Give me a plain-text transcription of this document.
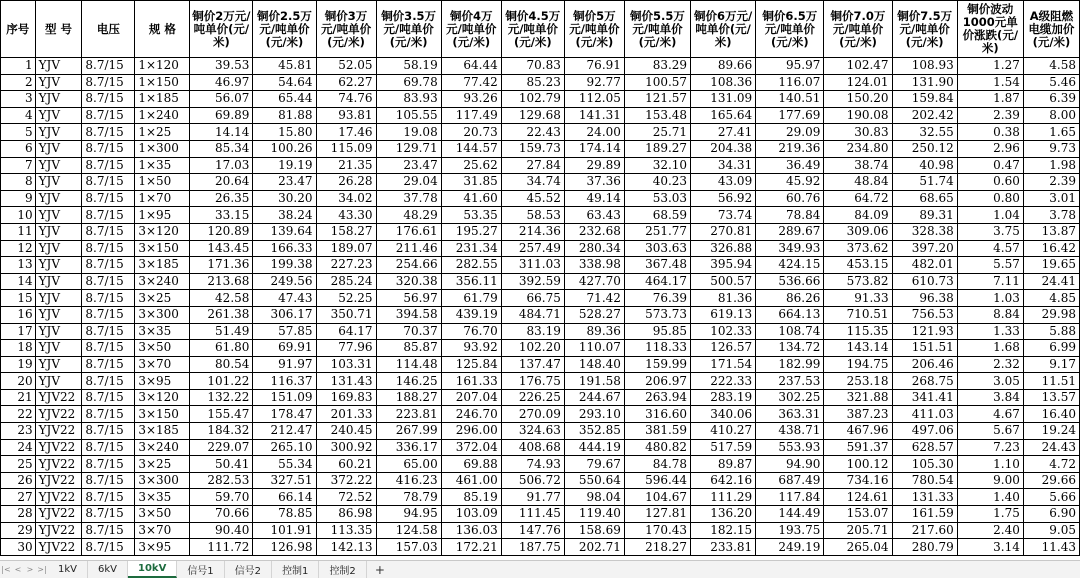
序号	型 号	电压	规 格	铜价2万元/吨单价(元/米)	铜价2.5万元/吨单价(元/米)	铜价3万元/吨单价(元/米)	铜价3.5万元/吨单价(元/米)	铜价4万元/吨单价(元/米)	铜价4.5万元/吨单价(元/米)	铜价5万元/吨单价(元/米)	铜价5.5万元/吨单价(元/米)	铜价6万元/吨单价(元/米)	铜价6.5万元/吨单价(元/米)	铜价7.0万元/吨单价(元/米)	铜价7.5万元/吨单价(元/米)	铜价波动1000元单价涨跌(元/米)	A级阻燃电缆加价(元/米)
1	YJV	8.7/15	1×120	39.53	45.81	52.05	58.19	64.44	70.83	76.91	83.29	89.66	95.97	102.47	108.93	1.27	4.58
2	YJV	8.7/15	1×150	46.97	54.64	62.27	69.78	77.42	85.23	92.77	100.57	108.36	116.07	124.01	131.90	1.54	5.46
3	YJV	8.7/15	1×185	56.07	65.44	74.76	83.93	93.26	102.79	112.05	121.57	131.09	140.51	150.20	159.84	1.87	6.39
4	YJV	8.7/15	1×240	69.89	81.88	93.81	105.55	117.49	129.68	141.31	153.48	165.64	177.69	190.08	202.42	2.39	8.00
5	YJV	8.7/15	1×25	14.14	15.80	17.46	19.08	20.73	22.43	24.00	25.71	27.41	29.09	30.83	32.55	0.38	1.65
6	YJV	8.7/15	1×300	85.34	100.26	115.09	129.71	144.57	159.73	174.14	189.27	204.38	219.36	234.80	250.12	2.96	9.73
7	YJV	8.7/15	1×35	17.03	19.19	21.35	23.47	25.62	27.84	29.89	32.10	34.31	36.49	38.74	40.98	0.47	1.98
8	YJV	8.7/15	1×50	20.64	23.47	26.28	29.04	31.85	34.74	37.36	40.23	43.09	45.92	48.84	51.74	0.60	2.39
9	YJV	8.7/15	1×70	26.35	30.20	34.02	37.78	41.60	45.52	49.14	53.03	56.92	60.76	64.72	68.65	0.80	3.01
10	YJV	8.7/15	1×95	33.15	38.24	43.30	48.29	53.35	58.53	63.43	68.59	73.74	78.84	84.09	89.31	1.04	3.78
11	YJV	8.7/15	3×120	120.89	139.64	158.27	176.61	195.27	214.36	232.68	251.77	270.81	289.67	309.06	328.38	3.75	13.87
12	YJV	8.7/15	3×150	143.45	166.33	189.07	211.46	231.34	257.49	280.34	303.63	326.88	349.93	373.62	397.20	4.57	16.42
13	YJV	8.7/15	3×185	171.36	199.38	227.23	254.66	282.55	311.03	338.98	367.48	395.94	424.15	453.15	482.01	5.57	19.65
14	YJV	8.7/15	3×240	213.68	249.56	285.24	320.38	356.11	392.59	427.70	464.17	500.57	536.66	573.82	610.73	7.11	24.41
15	YJV	8.7/15	3×25	42.58	47.43	52.25	56.97	61.79	66.75	71.42	76.39	81.36	86.26	91.33	96.38	1.03	4.85
16	YJV	8.7/15	3×300	261.38	306.17	350.71	394.58	439.19	484.71	528.27	573.73	619.13	664.13	710.51	756.53	8.84	29.98
17	YJV	8.7/15	3×35	51.49	57.85	64.17	70.37	76.70	83.19	89.36	95.85	102.33	108.74	115.35	121.93	1.33	5.88
18	YJV	8.7/15	3×50	61.80	69.91	77.96	85.87	93.92	102.20	110.07	118.33	126.57	134.72	143.14	151.51	1.68	6.99
19	YJV	8.7/15	3×70	80.54	91.97	103.31	114.48	125.84	137.47	148.40	159.99	171.54	182.99	194.75	206.46	2.32	9.17
20	YJV	8.7/15	3×95	101.22	116.37	131.43	146.25	161.33	176.75	191.58	206.97	222.33	237.53	253.18	268.75	3.05	11.51
21	YJV22	8.7/15	3×120	132.22	151.09	169.83	188.27	207.04	226.25	244.67	263.94	283.19	302.25	321.88	341.41	3.84	13.57
22	YJV22	8.7/15	3×150	155.47	178.47	201.33	223.81	246.70	270.09	293.10	316.60	340.06	363.31	387.23	411.03	4.67	16.40
23	YJV22	8.7/15	3×185	184.32	212.47	240.45	267.99	296.00	324.63	352.85	381.59	410.27	438.71	467.96	497.06	5.67	19.24
24	YJV22	8.7/15	3×240	229.07	265.10	300.92	336.17	372.04	408.68	444.19	480.82	517.59	553.93	591.37	628.57	7.23	24.43
25	YJV22	8.7/15	3×25	50.41	55.34	60.21	65.00	69.88	74.93	79.67	84.78	89.87	94.90	100.12	105.30	1.10	4.72
26	YJV22	8.7/15	3×300	282.53	327.51	372.22	416.23	461.00	506.72	550.64	596.44	642.16	687.49	734.16	780.54	9.00	29.66
27	YJV22	8.7/15	3×35	59.70	66.14	72.52	78.79	85.19	91.77	98.04	104.67	111.29	117.84	124.61	131.33	1.40	5.66
28	YJV22	8.7/15	3×50	70.66	78.85	86.98	94.95	103.09	111.45	119.40	127.81	136.20	144.49	153.07	161.59	1.75	6.90
29	YJV22	8.7/15	3×70	90.40	101.91	113.35	124.58	136.03	147.76	158.69	170.43	182.15	193.75	205.71	217.60	2.40	9.05
30	YJV22	8.7/15	3×95	111.72	126.98	142.13	157.03	172.21	187.75	202.71	218.27	233.81	249.19	265.04	280.79	3.14	11.43
|< < > >|	1kV	6kV	10kV	信号1	信号2	控制1	控制2	+
